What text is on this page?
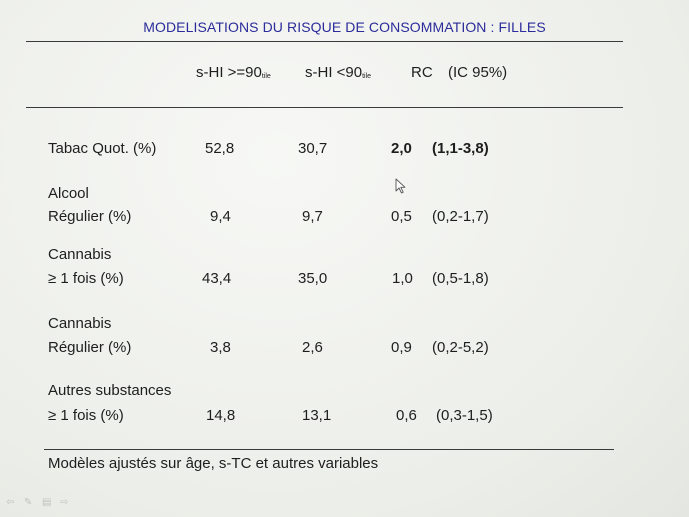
MODELISATIONS DU RISQUE DE CONSOMMATION : FILLES
$s-HI >=90_{tile}$ $s-HI <90_{tile}$	RC (IC 95%)
Tabac Quot. (%)	52,8	30,7	2,0 (1,1-3,8)
Alcool
Régulier (%)	9,4	9,7	0,5 (0,2-1,7)
Cannabis
≥ 1 fois (%)	43,4	35,0	1,0 (0,5-1,8)
Cannabis
Régulier (%)	3,8	2,6	0,9 (0,2-5,2)
Autres substances
≥ 1 fois (%)	14,8	13,1	0,6 (0,3-1,5)
Modèles ajustés sur âge, s-TC et autres variables
⇦ ✎ ▤ ⇨
